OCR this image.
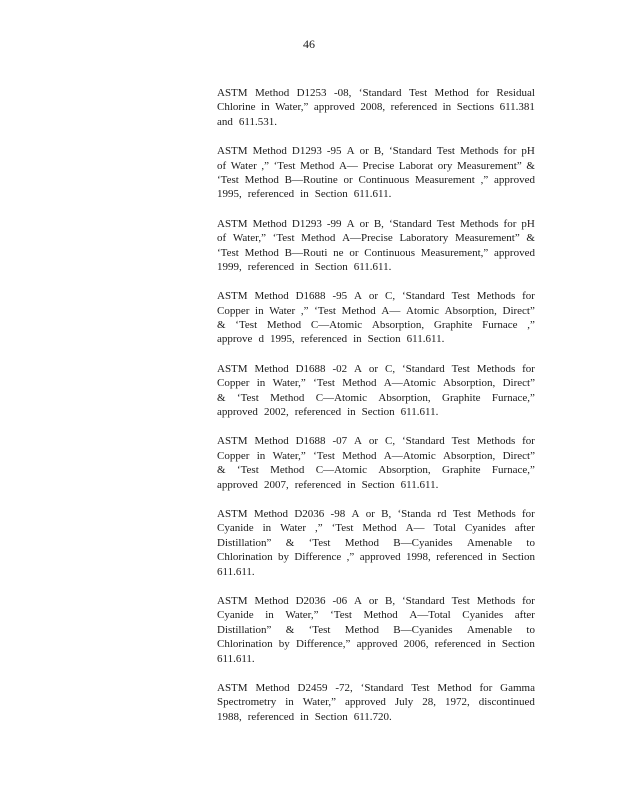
46
ASTM Method D1253 -08, ‘Standard Test Method for Residual
Chlorine in Water,” approved 2008, referenced in Sections 611.381
and 611.531.
ASTM Method D1293 -95 A or B, ‘Standard Test Methods for pH
of Water ,” ‘Test Method A— Precise Laborat ory Measurement” &
‘Test Method B—Routine or Continuous Measurement ,” approved
1995, referenced in Section 611.611.
ASTM Method D1293 -99 A or B, ‘Standard Test Methods for pH
of Water,” ‘Test Method A—Precise Laboratory Measurement” &
‘Test Method B—Routi ne or Continuous Measurement,” approved
1999, referenced in Section 611.611.
ASTM Method D1688 -95 A or C, ‘Standard Test Methods for
Copper in Water ,” ‘Test Method A— Atomic Absorption, Direct”
& ‘Test Method C—Atomic Absorption, Graphite Furnace ,”
approve d 1995, referenced in Section 611.611.
ASTM Method D1688 -02 A or C, ‘Standard Test Methods for
Copper in Water,” ‘Test Method A—Atomic Absorption, Direct”
& ‘Test Method C—Atomic Absorption, Graphite Furnace,”
approved 2002, referenced in Section 611.611.
ASTM Method D1688 -07 A or C, ‘Standard Test Methods for
Copper in Water,” ‘Test Method A—Atomic Absorption, Direct”
& ‘Test Method C—Atomic Absorption, Graphite Furnace,”
approved 2007, referenced in Section 611.611.
ASTM Method D2036 -98 A or B, ‘Standa rd Test Methods for
Cyanide in Water ,” ‘Test Method A— Total Cyanides after
Distillation” & ‘Test Method B—Cyanides Amenable to
Chlorination by Difference ,” approved 1998, referenced in Section
611.611.
ASTM Method D2036 -06 A or B, ‘Standard Test Methods for
Cyanide in Water,” ‘Test Method A—Total Cyanides after
Distillation” & ‘Test Method B—Cyanides Amenable to
Chlorination by Difference,” approved 2006, referenced in Section
611.611.
ASTM Method D2459 -72, ‘Standard Test Method for Gamma
Spectrometry in Water,” approved July 28, 1972, discontinued
1988, referenced in Section 611.720.
